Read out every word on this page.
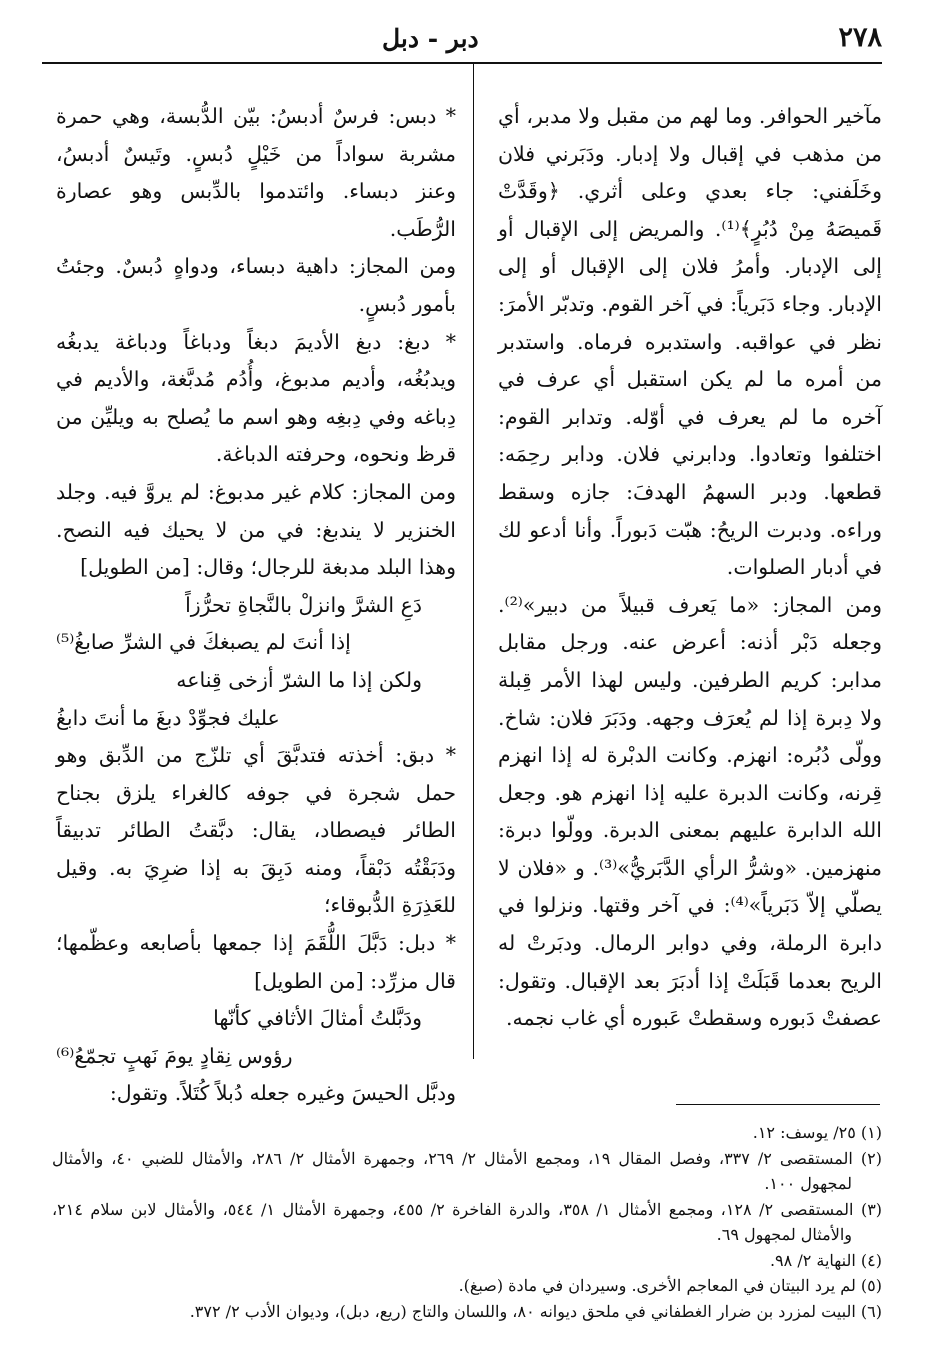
٢٧٨
دبر - دبل

مآخير الحوافر. وما لهم من مقبل ولا مدبر، أي من مذهب في إقبال ولا إدبار. ودَبَرني فلان وخَلَفني: جاء بعدي وعلى أثري. ﴿وقَدَّتْ قَميصَهُ مِنْ دُبُرٍ﴾⁽¹⁾. والمريض إلى الإقبال أو إلى الإدبار. وأمرُ فلان إلى الإقبال أو إلى الإدبار. وجاء دَبَرياً: في آخر القوم. وتدبّر الأمرَ: نظر في عواقبه. واستدبره فرماه. واستدبر من أمره ما لم يكن استقبل أي عرف في آخره ما لم يعرف في أوّله. وتدابر القوم: اختلفوا وتعادوا. ودابرني فلان. ودابر رحِمَه: قطعها. ودبر السهمُ الهدفَ: جازه وسقط وراءه. ودبرت الريحُ: هبّت دَبوراً. وأنا أدعو لك في أدبار الصلوات.

ومن المجاز: «ما يَعرف قبيلاً من دبير»⁽²⁾. وجعله دَبْر أذنه: أعرض عنه. ورجل مقابل مدابر: كريم الطرفين. وليس لهذا الأمر قِبلة ولا دِبرة إذا لم يُعرَف وجهه. ودَبَرَ فلان: شاخ. وولّى دُبُره: انهزم. وكانت الدبْرة له إذا انهزم قِرنه، وكانت الدبرة عليه إذا انهزم هو. وجعل الله الدابرة عليهم بمعنى الدبرة. وولّوا دبرة: منهزمين. «وشرُّ الرأي الدَّبَريُّ»⁽³⁾. و «فلان لا يصلّي إلاّ دَبَرياً»⁽⁴⁾: في آخر وقتها. ونزلوا في دابرة الرملة، وفي دوابر الرمال. ودبَرتْ له الريح بعدما قَبَلَتْ إذا أدبَرَ بعد الإقبال. وتقول: عصفتْ دَبوره وسقطتْ عَبوره أي غاب نجمه.

* دبس: فرسٌ أدبسُ: بيّن الدُّبسة، وهي حمرة مشربة سواداً من خَيْلٍ دُبسٍ. وتَيسٌ أدبسُ، وعنز دبساء. وائتدموا بالدِّبس وهو عصارة الرُّطَب.

ومن المجاز: داهية دبساء، ودواهٍ دُبسٌ. وجئتُ بأمور دُبسٍ.

* دبغ: دبغ الأديمَ دبغاً ودباغاً ودباغة يدبغُه ويدبُغُه، وأديم مدبوغ، وأُدُم مُدبَّغة، والأديم في دِباغه وفي دِبغِه وهو اسم ما يُصلح به ويليِّن من قرظ ونحوه، وحرفته الدباغة.

ومن المجاز: كلام غير مدبوغ: لم يروَّ فيه. وجلد الخنزير لا يندبغ: في من لا يحيك فيه النصح. وهذا البلد مدبغة للرجال؛ وقال: [من الطويل]

دَعِ الشرَّ وانزلْ بالنَّجاةِ تحرُّزاً
إذا أنتَ لم يصبغكَ في الشرِّ صابغُ⁽⁵⁾
ولكن إذا ما الشرّ أزخى قِناعه
عليك فجوِّدْ دبغَ ما أنتَ دابغُ

* دبق: أخذته فتدبَّقَ أي تلزّج من الدِّبق وهو حمل شجرة في جوفه كالغراء يلزق بجناح الطائر فيصطاد، يقال: دبَّقتُ الطائر تدبيقاً ودَبَقْتُه دَبْقاً، ومنه دَبِقَ به إذا ضرِيَ به. وقيل للعَذِرَةِ الدُّبوقاء؛

* دبل: دَبَّلَ اللُّقَمَ إذا جمعها بأصابعه وعظّمها؛ قال مزرِّد: [من الطويل]

ودَبَّلتُ أمثالَ الأثافي كأنّها
رؤوس نِقادٍ يومَ نَهبٍ تجمّعُ⁽⁶⁾

ودبَّل الحيسَ وغيره جعله دُبلاً كُتَلاً. وتقول:

(١) ٢٥/ يوسف: ١٢.

(٢) المستقصى ٢/ ٣٣٧، وفصل المقال ١٩، ومجمع الأمثال ٢/ ٢٦٩، وجمهرة الأمثال ٢/ ٢٨٦، والأمثال للضبي ٤٠، والأمثال لمجهول ١٠٠.

(٣) المستقصى ٢/ ١٢٨، ومجمع الأمثال ١/ ٣٥٨، والدرة الفاخرة ٢/ ٤٥٥، وجمهرة الأمثال ١/ ٥٤٤، والأمثال لابن سلام ٢١٤، والأمثال لمجهول ٦٩.

(٤) النهاية ٢/ ٩٨.

(٥) لم يرد البيتان في المعاجم الأخرى. وسيردان في مادة (صبغ).

(٦) البيت لمزرد بن ضرار الغطفاني في ملحق ديوانه ٨٠، واللسان والتاج (ريع، دبل)، وديوان الأدب ٢/ ٣٧٢.
